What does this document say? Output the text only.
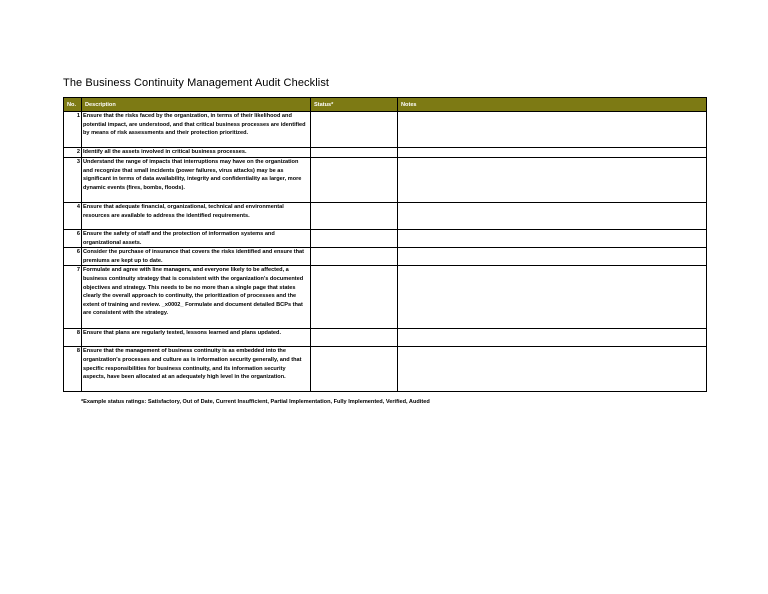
The Business Continuity Management Audit Checklist
No.	Description	Status*	Notes
1	Ensure that the risks faced by the organization, in terms of their likelihood and potential impact, are understood, and that critical business processes are identified by means of risk assessments and their protection prioritized.		
2	Identify all the assets involved in critical business processes.		
3	Understand the range of impacts that interruptions may have on the organization and recognize that small incidents (power failures, virus attacks) may be as significant in terms of data availability, integrity and confidentiality as larger, more dynamic events (fires, bombs, floods).		
4	Ensure that adequate financial, organizational, technical and environmental resources are available to address the identified requirements.		
6	Ensure the safety of staff and the protection of information systems and organizational assets.		
6	Consider the purchase of insurance that covers the risks identified and ensure that premiums are kept up to date.		
7	Formulate and agree with line managers, and everyone likely to be affected, a business continuity strategy that is consistent with the organization's documented objectives and strategy. This needs to be no more than a single page that states clearly the overall approach to continuity, the prioritization of processes and the extent of training and review. _x0002_ Formulate and document detailed BCPs that are consistent with the strategy.		
8	Ensure that plans are regularly tested, lessons learned and plans updated.		
8	Ensure that the management of business continuity is as embedded into the organization's processes and culture as is information security generally, and that specific responsibilities for business continuity, and its information security aspects, have been allocated at an adequately high level in the organization.		
*Example status ratings: Satisfactory, Out of Date, Current Insufficient, Partial Implementation, Fully Implemented, Verified, Audited
